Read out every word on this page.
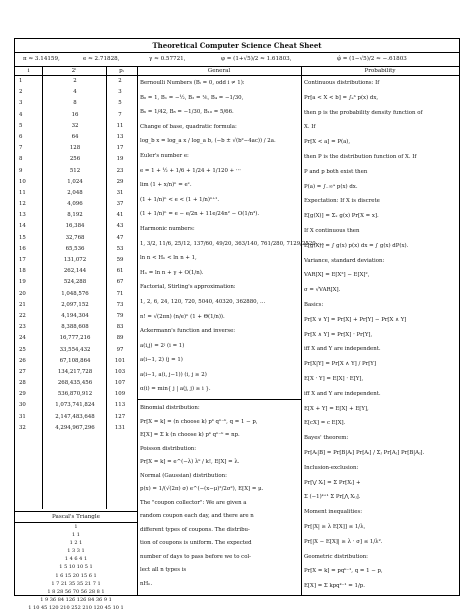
Theoretical Computer Science Cheat Sheet
π ≈ 3.14159,	e ≈ 2.71828,	γ ≈ 0.57721,	φ = (1+√5)/2 ≈ 1.61803,	φ̂ = (1−√5)/2 ≈ −.61803
i	2ⁱ	pᵢ	General	Probability
1	2	2
2	4	3
3	8	5
4	16	7
5	32	11
6	64	13
7	128	17
8	256	19
9	512	23
10	1,024	29
11	2,048	31
12	4,096	37
13	8,192	41
14	16,384	43
15	32,768	47
16	65,536	53
17	131,072	59
18	262,144	61
19	524,288	67
20	1,048,576	71
21	2,097,152	73
22	4,194,304	79
23	8,388,608	83
24	16,777,216	89
25	33,554,432	97
26	67,108,864	101
27	134,217,728	103
28	268,435,456	107
29	536,870,912	109
30	1,073,741,824	113
31	2,147,483,648	127
32	4,294,967,296	131
Pascal's Triangle
1
1 1
1 2 1
1 3 3 1
1 4 6 4 1
1 5 10 10 5 1
1 6 15 20 15 6 1
1 7 21 35 35 21 7 1
1 8 28 56 70 56 28 8 1
1 9 36 84 126 126 84 36 9 1
1 10 45 120 210 252 210 120 45 10 1

Bernoulli Numbers (Bᵢ = 0, odd i ≠ 1):

B₀ = 1, B₁ = −½, B₂ = ⅙, B₄ = −1/30,

B₆ = 1/42, B₈ = −1/30, B₁₀ = 5/66.

Change of base, quadratic formula:

log_b x = log_a x / log_a b, (−b ± √(b²−4ac)) / 2a.

Euler's number e:

e = 1 + ½ + 1/6 + 1/24 + 1/120 + ···

lim (1 + x/n)ⁿ = eˣ.

(1 + 1/n)ⁿ < e < (1 + 1/n)ⁿ⁺¹.

(1 + 1/n)ⁿ = e − e/2n + 11e/24n² − O(1/n³).

Harmonic numbers:

1, 3/2, 11/6, 25/12, 137/60, 49/20, 363/140, 761/280, 7129/2520, ...

ln n < Hₙ < ln n + 1,

Hₙ = ln n + γ + O(1/n).

Factorial, Stirling's approximation:

1, 2, 6, 24, 120, 720, 5040, 40320, 362880, ...

n! = √(2πn) (n/e)ⁿ (1 + Θ(1/n)).

Ackermann's function and inverse:

a(i,j) = 2ʲ (i = 1)

a(i−1, 2) (j = 1)

a(i−1, a(i, j−1)) (i, j ≥ 2)

α(i) = min{ j | a(j, j) ≥ i }.

Binomial distribution:

Pr[X = k] = (n choose k) pᵏ qⁿ⁻ᵏ, q = 1 − p,

E[X] = Σ k (n choose k) pᵏ qⁿ⁻ᵏ = np.

Poisson distribution:

Pr[X = k] = e^(−λ) λᵏ / k!, E[X] = λ.

Normal (Gaussian) distribution:

p(x) = 1/(√(2π) σ) e^(−(x−μ)²/2σ²), E[X] = μ.

The "coupon collector": We are given a

random coupon each day, and there are n

different types of coupons. The distribu-

tion of coupons is uniform. The expected

number of days to pass before we to col-

lect all n types is

nHₙ.

Continuous distributions: If

Pr[a < X < b] = ∫ₐᵇ p(x) dx,

then p is the probability density function of

X. If

Pr[X < a] = P(a),

then P is the distribution function of X. If

P and p both exist then

P(a) = ∫₋∞ᵃ p(x) dx.

Expectation: If X is discrete

E[g(X)] = Σₓ g(x) Pr[X = x].

If X continuous then

E[g(X)] = ∫ g(x) p(x) dx = ∫ g(x) dP(x).

Variance, standard deviation:

VAR[X] = E[X²] − E[X]²,

σ = √VAR[X].

Basics:

Pr[X ∨ Y] = Pr[X] + Pr[Y] − Pr[X ∧ Y]

Pr[X ∧ Y] = Pr[X] · Pr[Y],

iff X and Y are independent.

Pr[X|Y] = Pr[X ∧ Y] / Pr[Y]

E[X · Y] = E[X] · E[Y],

iff X and Y are independent.

E[X + Y] = E[X] + E[Y],

E[cX] = c E[X].

Bayes' theorem:

Pr[Aᵢ|B] = Pr[B|Aᵢ] Pr[Aᵢ] / Σⱼ Pr[Aⱼ] Pr[B|Aⱼ].

Inclusion-exclusion:

Pr[⋁ Xᵢ] = Σ Pr[Xᵢ] +

Σ (−1)ᵏ⁺¹ Σ Pr[⋀ Xᵢⱼ].

Moment inequalities:

Pr[|X| ≥ λ E[X]] ≤ 1/λ,

Pr[|X − E[X]| ≥ λ · σ] ≤ 1/λ².

Geometric distribution:

Pr[X = k] = pqᵏ⁻¹, q = 1 − p,

E[X] = Σ kpqᵏ⁻¹ = 1/p.
